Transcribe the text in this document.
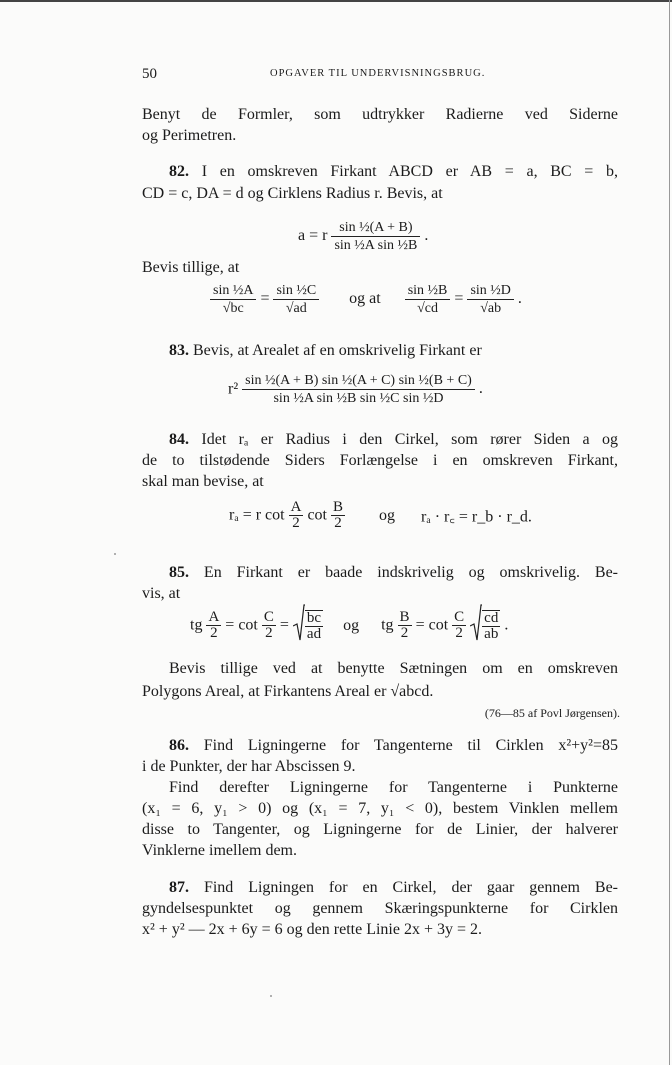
50	OPGAVER TIL UNDERVISNINGSBRUG.
Benyt de Formler, som udtrykker Radierne ved Siderne
og Perimetren.
82. I en omskreven Firkant ABCD er AB = a, BC = b,
CD = c, DA = d og Cirklens Radius r. Bevis, at
a = r $\frac{\text{sin ½(A + B)}}{\text{sin ½A sin ½B}}$ .
Bevis tillige, at
$\frac{\text{sin ½A}}{√bc} = \frac{\text{sin ½C}}{√ad}$ og at $\frac{\text{sin ½B}}{√cd} = \frac{\text{sin ½D}}{√ab}$ .
83. Bevis, at Arealet af en omskrivelig Firkant er
$r^2 \frac{\text{sin ½(A + B) sin ½(A + C) sin ½(B + C)}}{\text{sin ½A sin ½B sin ½C sin ½D}}$ .
84. Idet rₐ er Radius i den Cirkel, som rører Siden a og
de to tilstødende Siders Forlængelse i en omskreven Firkant,
skal man bevise, at
rₐ = r $\cot \frac{A}{2}$ $\cot \frac{B}{2}$ og rₐ · r꜀ = r_b · r_d.
85. En Firkant er baade indskrivelig og omskrivelig. Be-
vis, at
tg $\frac{A}{2} = \cot \frac{C}{2} = \frac{bc}{ad}$ og tg $\frac{B}{2} = \cot \frac{C}{2}$
$\frac{cd}{ab}$ .
Bevis tillige ved at benytte Sætningen om en omskreven
Polygons Areal, at Firkantens Areal er √abcd.
(76—85 af Povl Jørgensen).
86. Find Ligningerne for Tangenterne til Cirklen x²+y²=85
i de Punkter, der har Abscissen 9.
Find derefter Ligningerne for Tangenterne i Punkterne
(x₁ = 6, y₁ > 0) og (x₁ = 7, y₁ < 0), bestem Vinklen mellem
disse to Tangenter, og Ligningerne for de Linier, der halverer
Vinklerne imellem dem.
87. Find Ligningen for en Cirkel, der gaar gennem Be-
gyndelsespunktet og gennem Skæringspunkterne for Cirklen
x² + y² — 2x + 6y = 6 og den rette Linie 2x + 3y = 2.
